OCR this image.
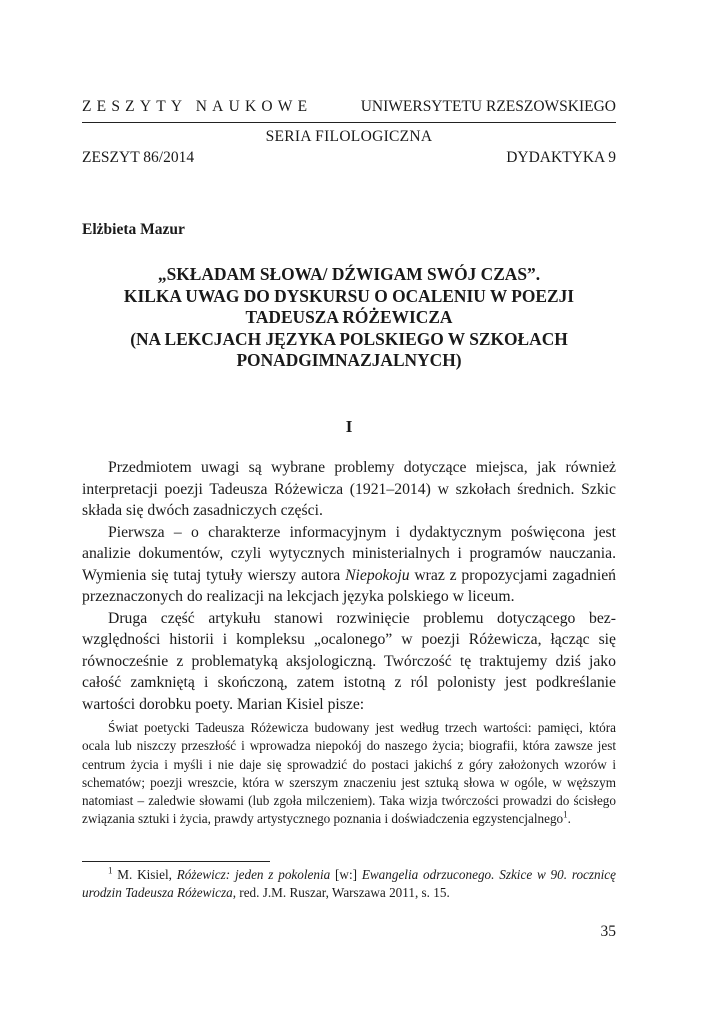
ZESZYTY NAUKOWE	UNIWERSYTETU RZESZOWSKIEGO
SERIA FILOLOGICZNA
ZESZYT 86/2014	DYDAKTYKA 9
Elżbieta Mazur
„SKŁADAM SŁOWA/ DŹWIGAM SWÓJ CZAS”.
KILKA UWAG DO DYSKURSU O OCALENIU W POEZJI
TADEUSZA RÓŻEWICZA
(NA LEKCJACH JĘZYKA POLSKIEGO W SZKOŁACH
PONADGIMNAZJALNYCH)
I

Przedmiotem uwagi są wybrane problemy dotyczące miejsca, jak również interpretacji poezji Tadeusza Różewicza (1921–2014) w szkołach średnich. Szkic składa się dwóch zasadniczych części.

Pierwsza – o charakterze informacyjnym i dydaktycznym poświęcona jest analizie dokumentów, czyli wytycznych ministerialnych i programów nauczania. Wymienia się tutaj tytuły wierszy autora Niepokoju wraz z propozycjami zagadnień przeznaczonych do realizacji na lekcjach języka polskiego w liceum.

Druga część artykułu stanowi rozwinięcie problemu dotyczącego bezwzględności historii i kompleksu „ocalonego” w poezji Różewicza, łącząc się równocześnie z problematyką aksjologiczną. Twórczość tę traktujemy dziś jako całość zamkniętą i skończoną, zatem istotną z ról polonisty jest podkreślanie wartości dorobku poety. Marian Kisiel pisze:

Świat poetycki Tadeusza Różewicza budowany jest według trzech wartości: pamięci, która ocala lub niszczy przeszłość i wprowadza niepokój do naszego życia; biografii, która zawsze jest centrum życia i myśli i nie daje się sprowadzić do postaci jakichś z góry założonych wzorów i schematów; poezji wreszcie, która w szerszym znaczeniu jest sztuką słowa w ogóle, w węższym natomiast – zaledwie słowami (lub zgoła milczeniem). Taka wizja twórczości prowadzi do ścisłego związania sztuki i życia, prawdy artystycznego poznania i doświadczenia egzystencjalnego$^1$.

$^1$ M. Kisiel, Różewicz: jeden z pokolenia [w:] Ewangelia odrzuconego. Szkice w 90. rocznicę urodzin Tadeusza Różewicza, red. J.M. Ruszar, Warszawa 2011, s. 15.

35
